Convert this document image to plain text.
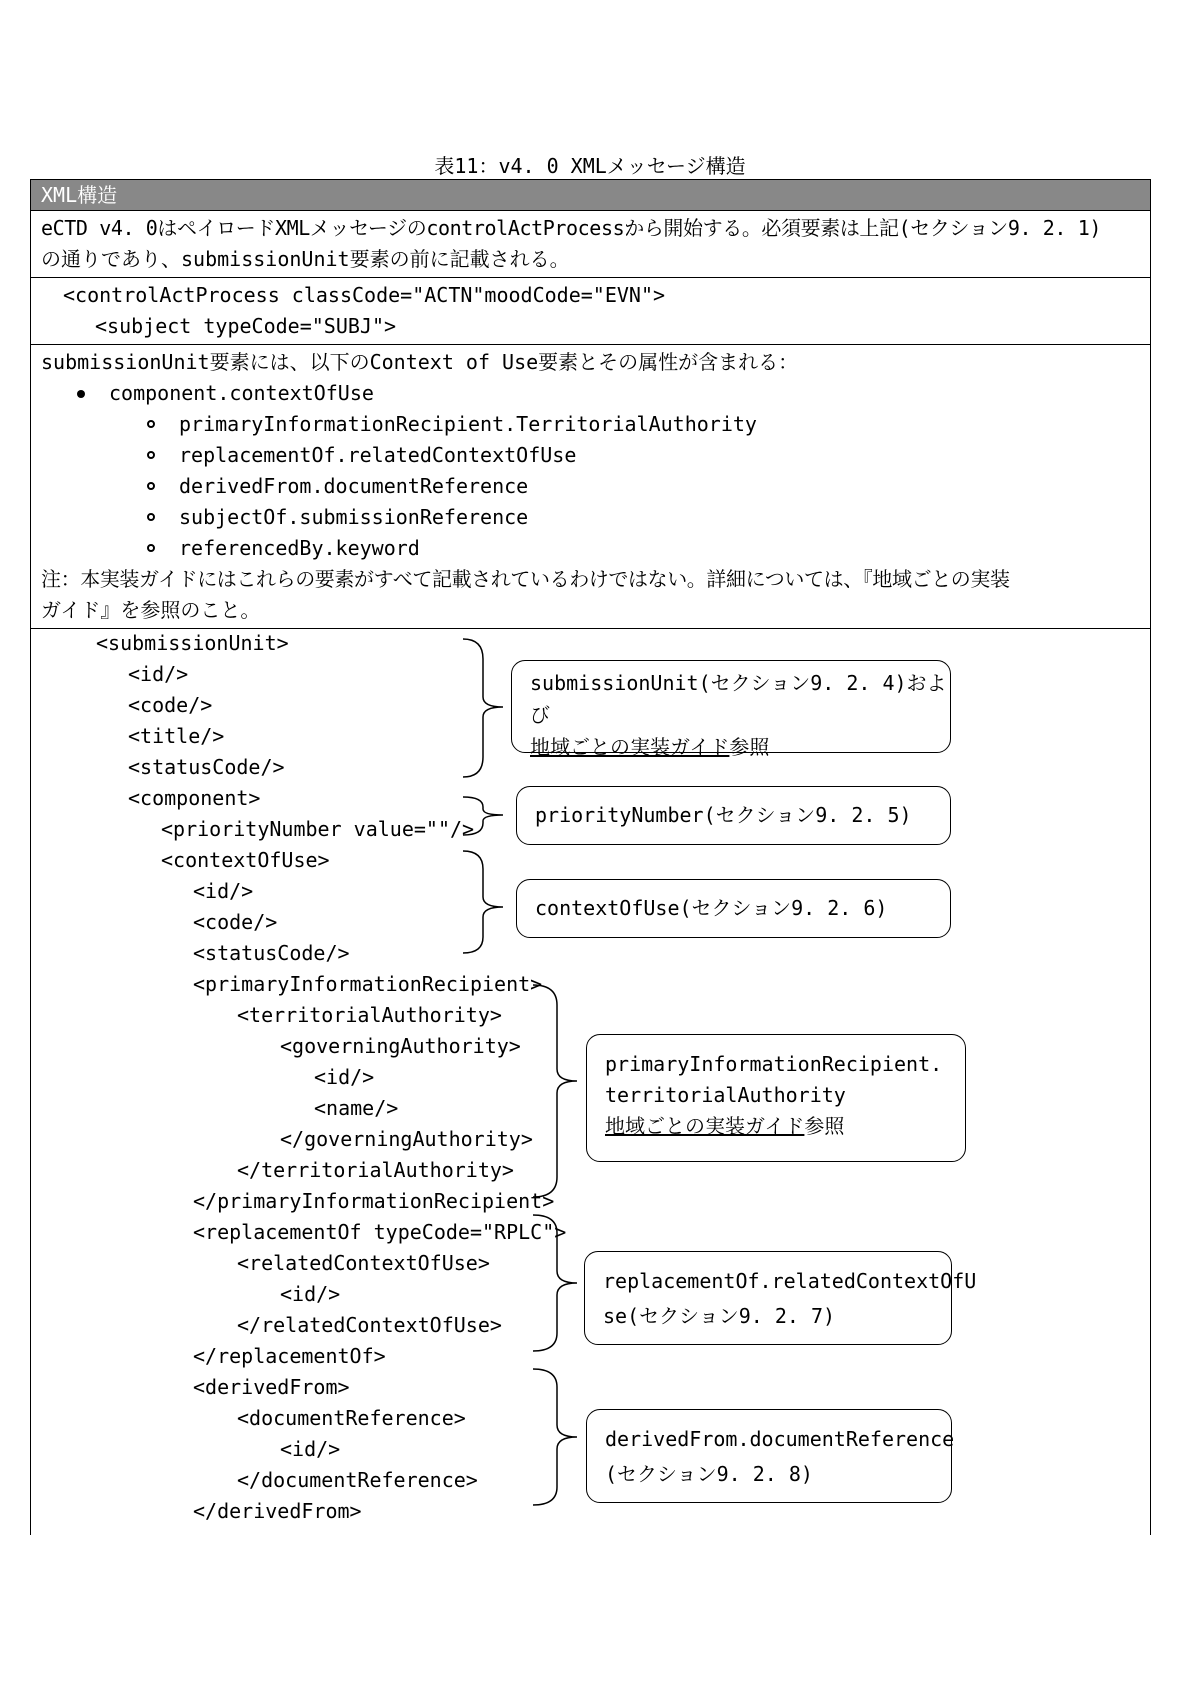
表11：v4. 0 XMLメッセージ構造
XML構造
eCTD v4. 0はペイロードXMLメッセージのcontrolActProcessから開始する。必須要素は上記(セクション9. 2. 1)
の通りであり、submissionUnit要素の前に記載される。
<controlActProcess classCode="ACTN"moodCode="EVN">
<subject typeCode="SUBJ">
submissionUnit要素には、以下のContext of Use要素とその属性が含まれる：
component.contextOfUse
primaryInformationRecipient.TerritorialAuthority
replacementOf.relatedContextOfUse
derivedFrom.documentReference
subjectOf.submissionReference
referencedBy.keyword
注：本実装ガイドにはこれらの要素がすべて記載されているわけではない。詳細については、『地域ごとの実装
ガイド』を参照のこと。
<submissionUnit>
<id/>
<code/>
<title/>
<statusCode/>
<component>
<priorityNumber value=""/>
<contextOfUse>
<id/>
<code/>
<statusCode/>
<primaryInformationRecipient>
<territorialAuthority>
<governingAuthority>
<id/>
<name/>
</governingAuthority>
</territorialAuthority>
</primaryInformationRecipient>
<replacementOf typeCode="RPLC">
<relatedContextOfUse>
<id/>
</relatedContextOfUse>
</replacementOf>
<derivedFrom>
<documentReference>
<id/>
</documentReference>
</derivedFrom>
submissionUnit(セクション9. 2. 4)および
地域ごとの実装ガイド参照
priorityNumber(セクション9. 2. 5)
contextOfUse(セクション9. 2. 6)
primaryInformationRecipient.
territorialAuthority
地域ごとの実装ガイド参照
replacementOf.relatedContextOfU
se(セクション9. 2. 7)
derivedFrom.documentReference
(セクション9. 2. 8)
